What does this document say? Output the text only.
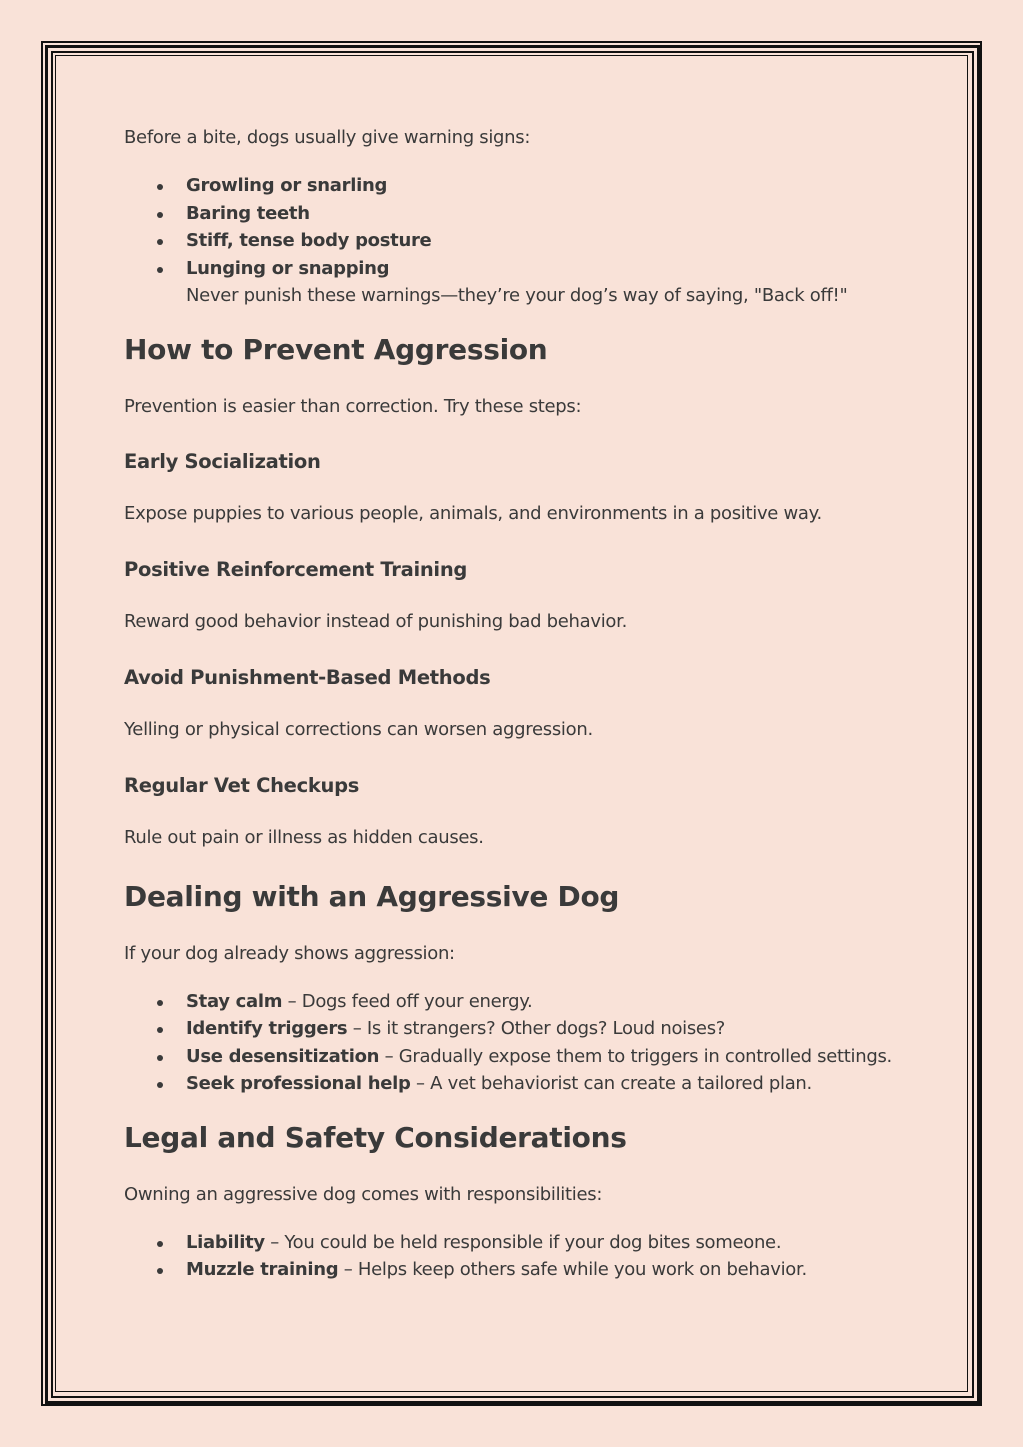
Before a bite, dogs usually give warning signs:

Growling or snarling
Baring teeth
Stiff, tense body posture
Lunging or snapping
Never punish these warnings—they’re your dog’s way of saying, "Back off!"
How to Prevent Aggression

Prevention is easier than correction. Try these steps:

Early Socialization

Expose puppies to various people, animals, and environments in a positive way.

Positive Reinforcement Training

Reward good behavior instead of punishing bad behavior.

Avoid Punishment-Based Methods

Yelling or physical corrections can worsen aggression.

Regular Vet Checkups

Rule out pain or illness as hidden causes.

Dealing with an Aggressive Dog

If your dog already shows aggression:

Stay calm – Dogs feed off your energy.
Identify triggers – Is it strangers? Other dogs? Loud noises?
Use desensitization – Gradually expose them to triggers in controlled settings.
Seek professional help – A vet behaviorist can create a tailored plan.
Legal and Safety Considerations

Owning an aggressive dog comes with responsibilities:

Liability – You could be held responsible if your dog bites someone.
Muzzle training – Helps keep others safe while you work on behavior.
